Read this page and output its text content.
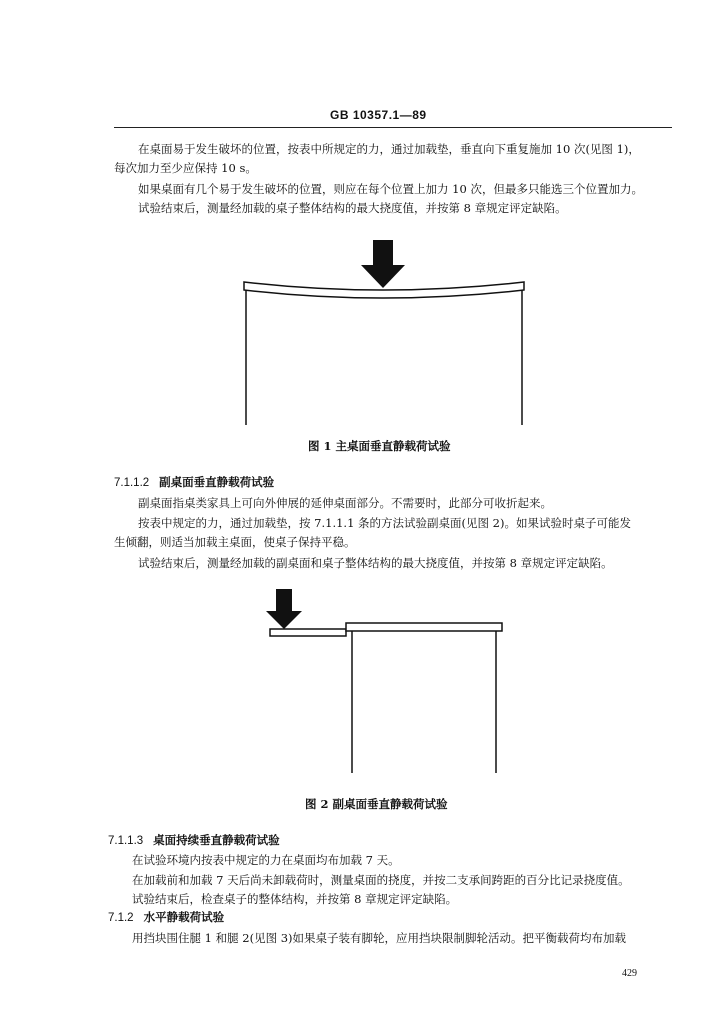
GB 10357.1—89

在桌面易于发生破坏的位置，按表中所规定的力，通过加载垫，垂直向下重复施加 10 次(见图 1)，

每次加力至少应保持 10 s。

如果桌面有几个易于发生破坏的位置，则应在每个位置上加力 10 次，但最多只能选三个位置加力。

试验结束后，测量经加载的桌子整体结构的最大挠度值，并按第 8 章规定评定缺陷。

图 1 主桌面垂直静载荷试验
7.1.1.2 副桌面垂直静载荷试验

副桌面指桌类家具上可向外伸展的延伸桌面部分。不需要时，此部分可收折起来。

按表中规定的力，通过加载垫，按 7.1.1.1 条的方法试验副桌面(见图 2)。如果试验时桌子可能发

生倾翻，则适当加载主桌面，使桌子保持平稳。

试验结束后，测量经加载的副桌面和桌子整体结构的最大挠度值，并按第 8 章规定评定缺陷。

图 2 副桌面垂直静载荷试验
7.1.1.3 桌面持续垂直静载荷试验

在试验环境内按表中规定的力在桌面均布加载 7 天。

在加载前和加载 7 天后尚未卸载荷时，测量桌面的挠度，并按二支承间跨距的百分比记录挠度值。

试验结束后，检查桌子的整体结构，并按第 8 章规定评定缺陷。

7.1.2 水平静载荷试验

用挡块围住腿 1 和腿 2(见图 3)如果桌子装有脚轮，应用挡块限制脚轮活动。把平衡载荷均布加载

429
